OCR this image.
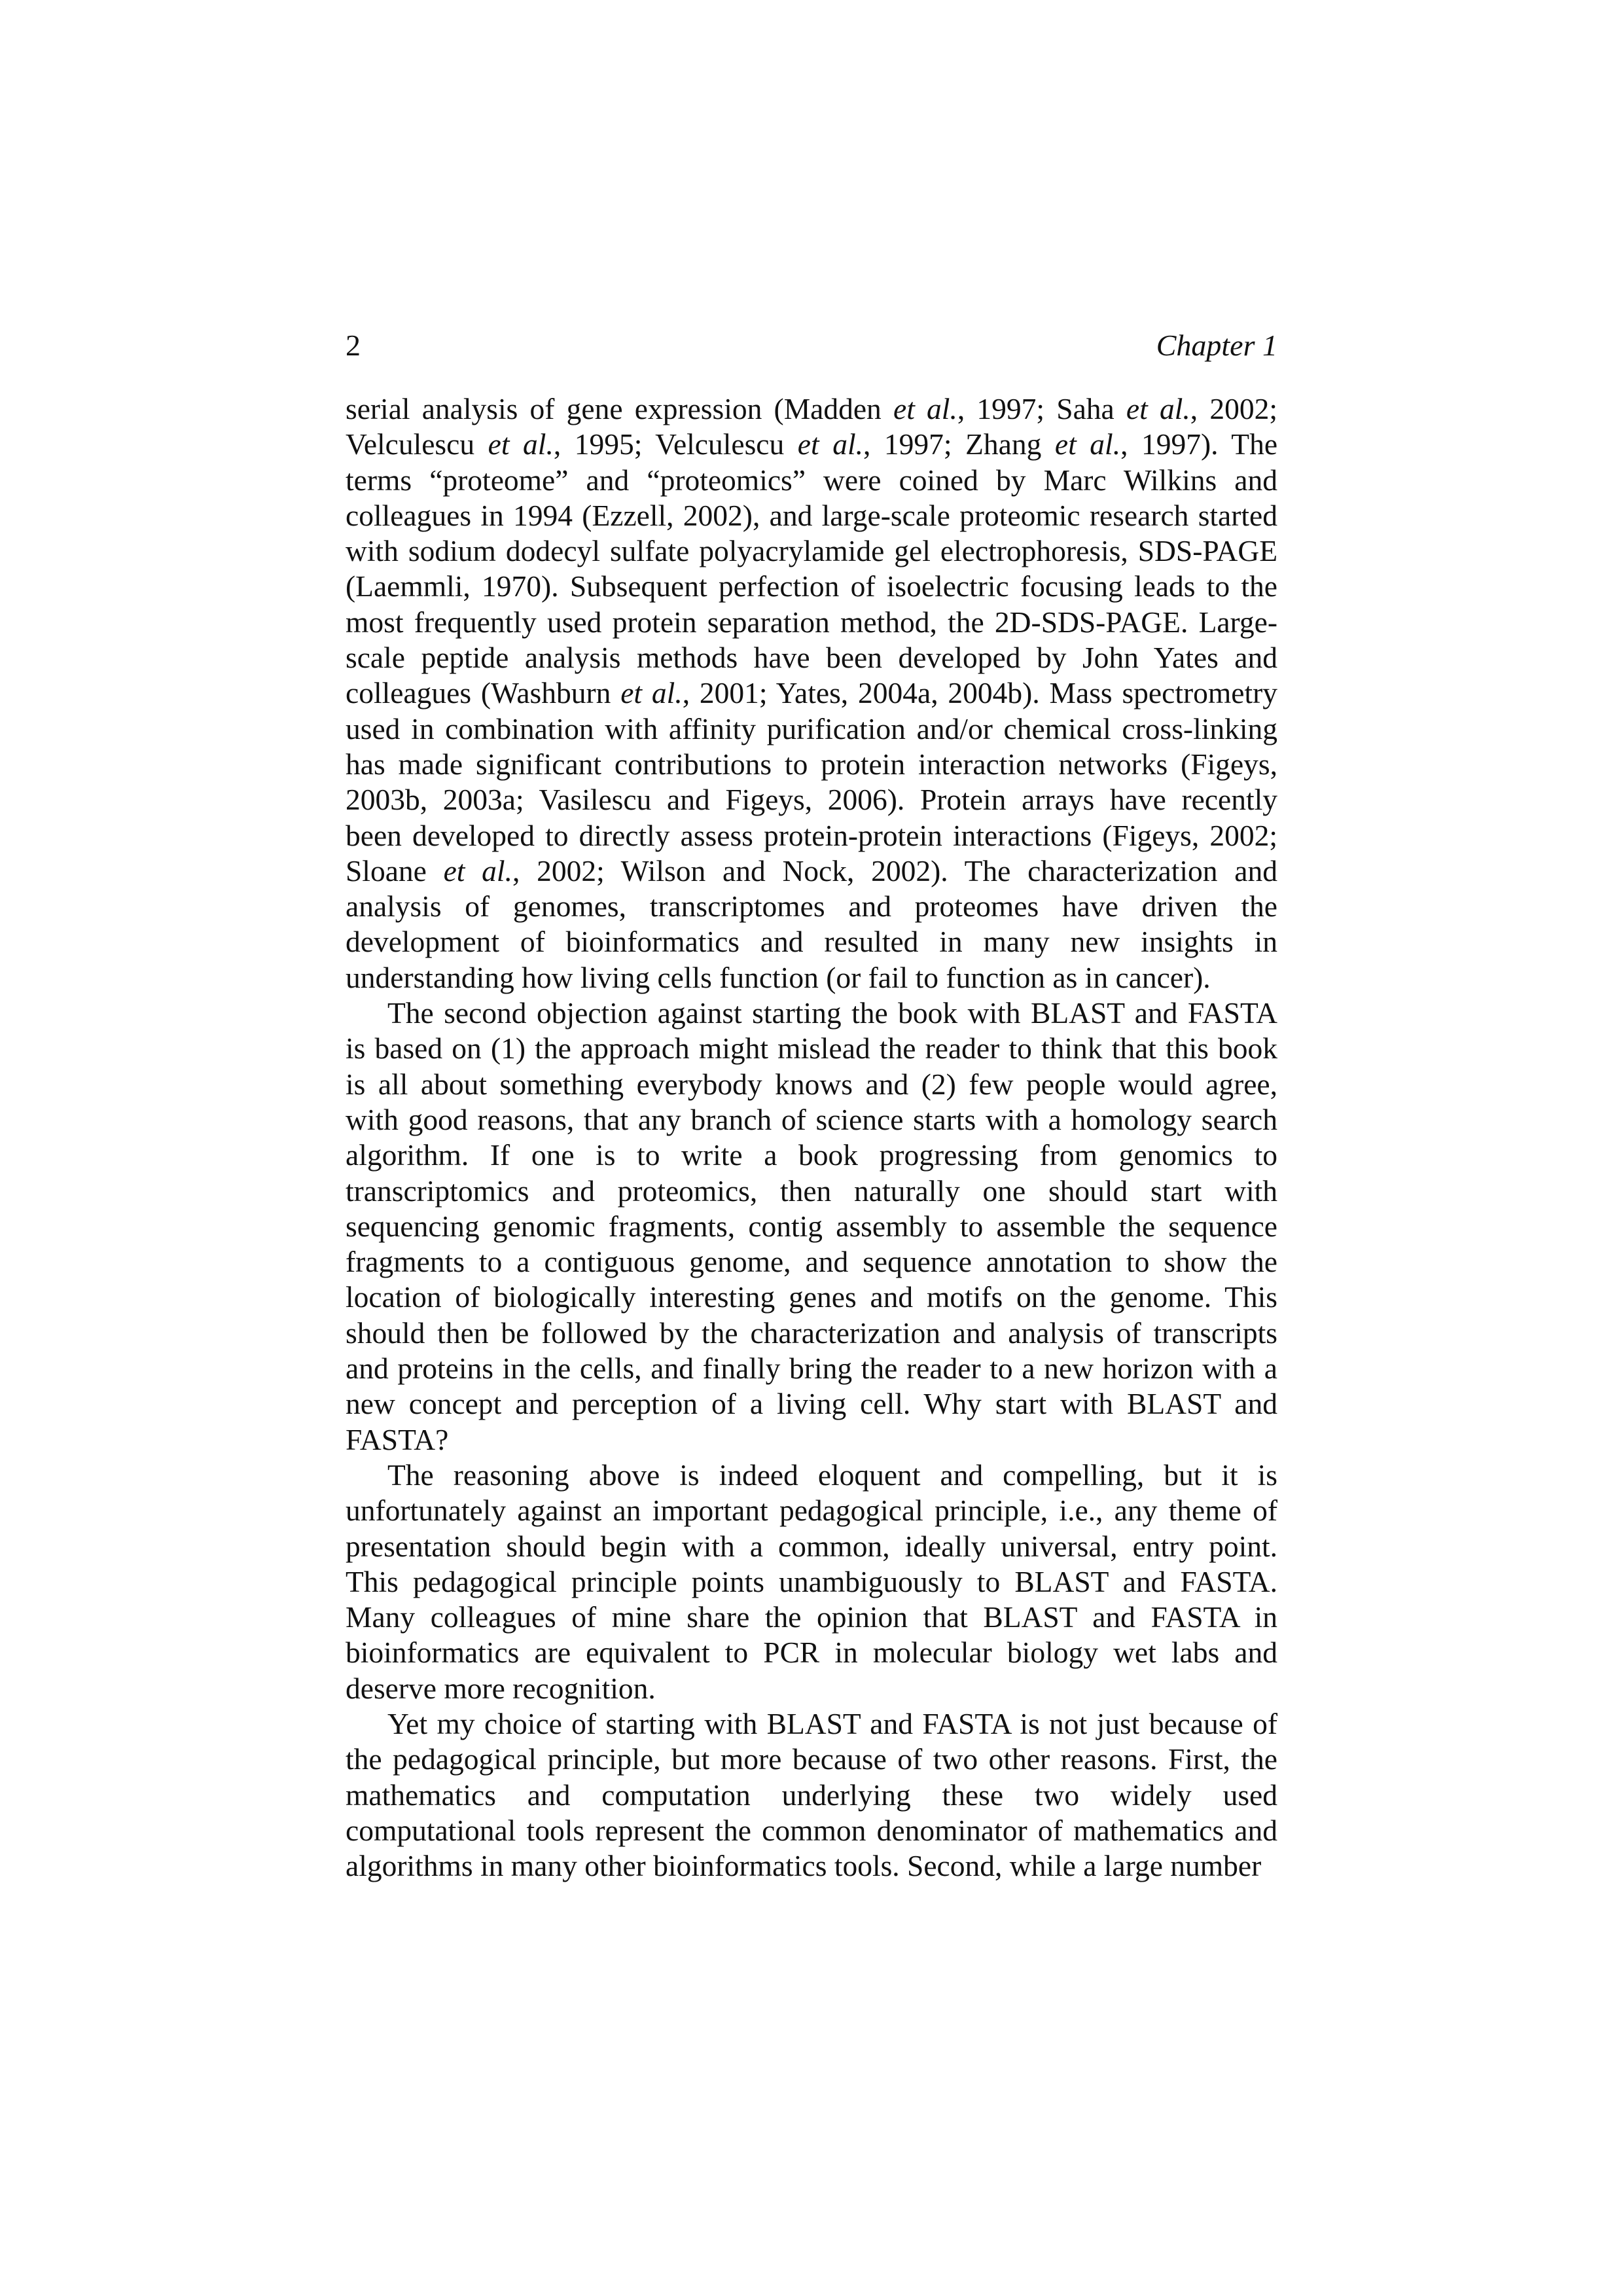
2	Chapter 1

serial analysis of gene expression (Madden et al., 1997; Saha et al., 2002;
Velculescu et al., 1995; Velculescu et al., 1997; Zhang et al., 1997). The
terms “proteome” and “proteomics” were coined by Marc Wilkins and
colleagues in 1994 (Ezzell, 2002), and large-scale proteomic research started
with sodium dodecyl sulfate polyacrylamide gel electrophoresis, SDS-PAGE
(Laemmli, 1970). Subsequent perfection of isoelectric focusing leads to the
most frequently used protein separation method, the 2D-SDS-PAGE. Large-
scale peptide analysis methods have been developed by John Yates and
colleagues (Washburn et al., 2001; Yates, 2004a, 2004b). Mass spectrometry
used in combination with affinity purification and/or chemical cross-linking
has made significant contributions to protein interaction networks (Figeys,
2003b, 2003a; Vasilescu and Figeys, 2006). Protein arrays have recently
been developed to directly assess protein-protein interactions (Figeys, 2002;
Sloane et al., 2002; Wilson and Nock, 2002). The characterization and
analysis of genomes, transcriptomes and proteomes have driven the
development of bioinformatics and resulted in many new insights in
understanding how living cells function (or fail to function as in cancer).

The second objection against starting the book with BLAST and FASTA
is based on (1) the approach might mislead the reader to think that this book
is all about something everybody knows and (2) few people would agree,
with good reasons, that any branch of science starts with a homology search
algorithm. If one is to write a book progressing from genomics to
transcriptomics and proteomics, then naturally one should start with
sequencing genomic fragments, contig assembly to assemble the sequence
fragments to a contiguous genome, and sequence annotation to show the
location of biologically interesting genes and motifs on the genome. This
should then be followed by the characterization and analysis of transcripts
and proteins in the cells, and finally bring the reader to a new horizon with a
new concept and perception of a living cell. Why start with BLAST and
FASTA?

The reasoning above is indeed eloquent and compelling, but it is
unfortunately against an important pedagogical principle, i.e., any theme of
presentation should begin with a common, ideally universal, entry point.
This pedagogical principle points unambiguously to BLAST and FASTA.
Many colleagues of mine share the opinion that BLAST and FASTA in
bioinformatics are equivalent to PCR in molecular biology wet labs and
deserve more recognition.

Yet my choice of starting with BLAST and FASTA is not just because of
the pedagogical principle, but more because of two other reasons. First, the
mathematics and computation underlying these two widely used
computational tools represent the common denominator of mathematics and
algorithms in many other bioinformatics tools. Second, while a large number
